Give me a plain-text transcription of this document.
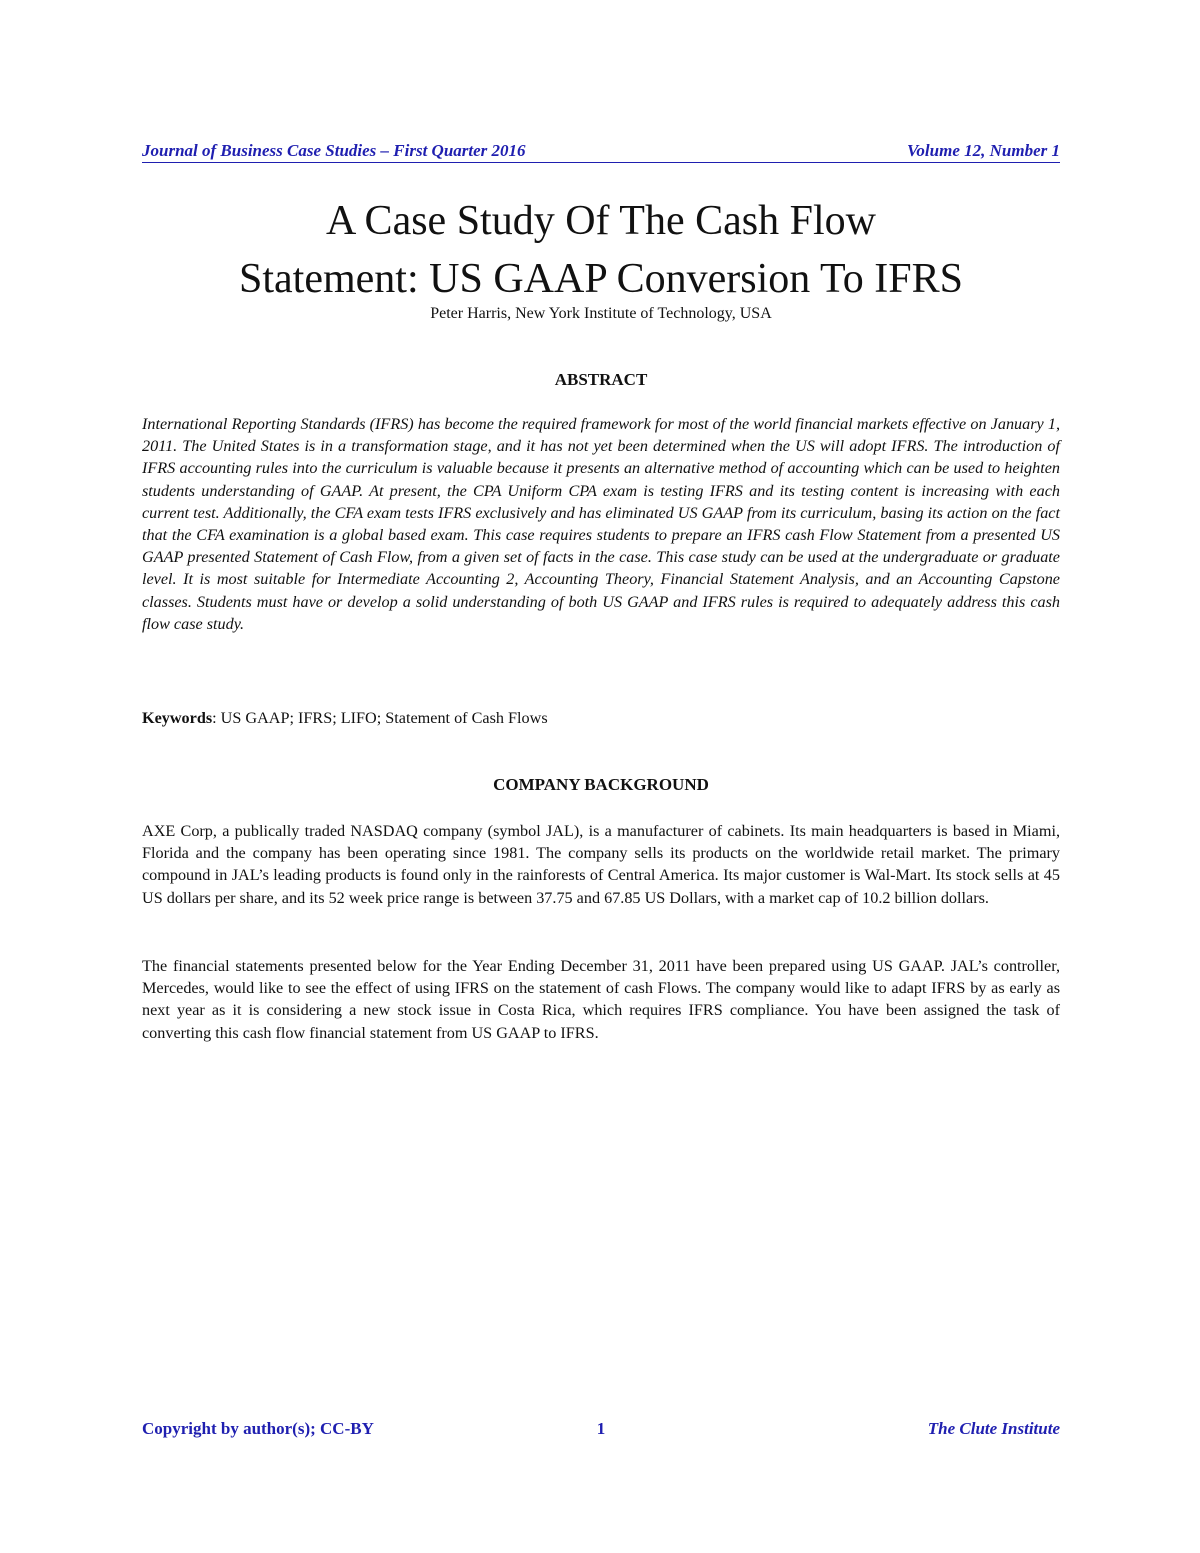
Journal of Business Case Studies – First Quarter 2016	Volume 12, Number 1
A Case Study Of The Cash Flow
Statement: US GAAP Conversion To IFRS
Peter Harris, New York Institute of Technology, USA
ABSTRACT

International Reporting Standards (IFRS) has become the required framework for most of the world financial markets effective on January 1, 2011. The United States is in a transformation stage, and it has not yet been determined when the US will adopt IFRS. The introduction of IFRS accounting rules into the curriculum is valuable because it presents an alternative method of accounting which can be used to heighten students understanding of GAAP. At present, the CPA Uniform CPA exam is testing IFRS and its testing content is increasing with each current test. Additionally, the CFA exam tests IFRS exclusively and has eliminated US GAAP from its curriculum, basing its action on the fact that the CFA examination is a global based exam. This case requires students to prepare an IFRS cash Flow Statement from a presented US GAAP presented Statement of Cash Flow, from a given set of facts in the case. This case study can be used at the undergraduate or graduate level. It is most suitable for Intermediate Accounting 2, Accounting Theory, Financial Statement Analysis, and an Accounting Capstone classes. Students must have or develop a solid understanding of both US GAAP and IFRS rules is required to adequately address this cash flow case study.

Keywords: US GAAP; IFRS; LIFO; Statement of Cash Flows
COMPANY BACKGROUND

AXE Corp, a publically traded NASDAQ company (symbol JAL), is a manufacturer of cabinets. Its main headquarters is based in Miami, Florida and the company has been operating since 1981. The company sells its products on the worldwide retail market. The primary compound in JAL’s leading products is found only in the rainforests of Central America. Its major customer is Wal-Mart. Its stock sells at 45 US dollars per share, and its 52 week price range is between 37.75 and 67.85 US Dollars, with a market cap of 10.2 billion dollars.

The financial statements presented below for the Year Ending December 31, 2011 have been prepared using US GAAP. JAL’s controller, Mercedes, would like to see the effect of using IFRS on the statement of cash Flows. The company would like to adapt IFRS by as early as next year as it is considering a new stock issue in Costa Rica, which requires IFRS compliance. You have been assigned the task of converting this cash flow financial statement from US GAAP to IFRS.

Copyright by author(s); CC-BY	1	The Clute Institute
